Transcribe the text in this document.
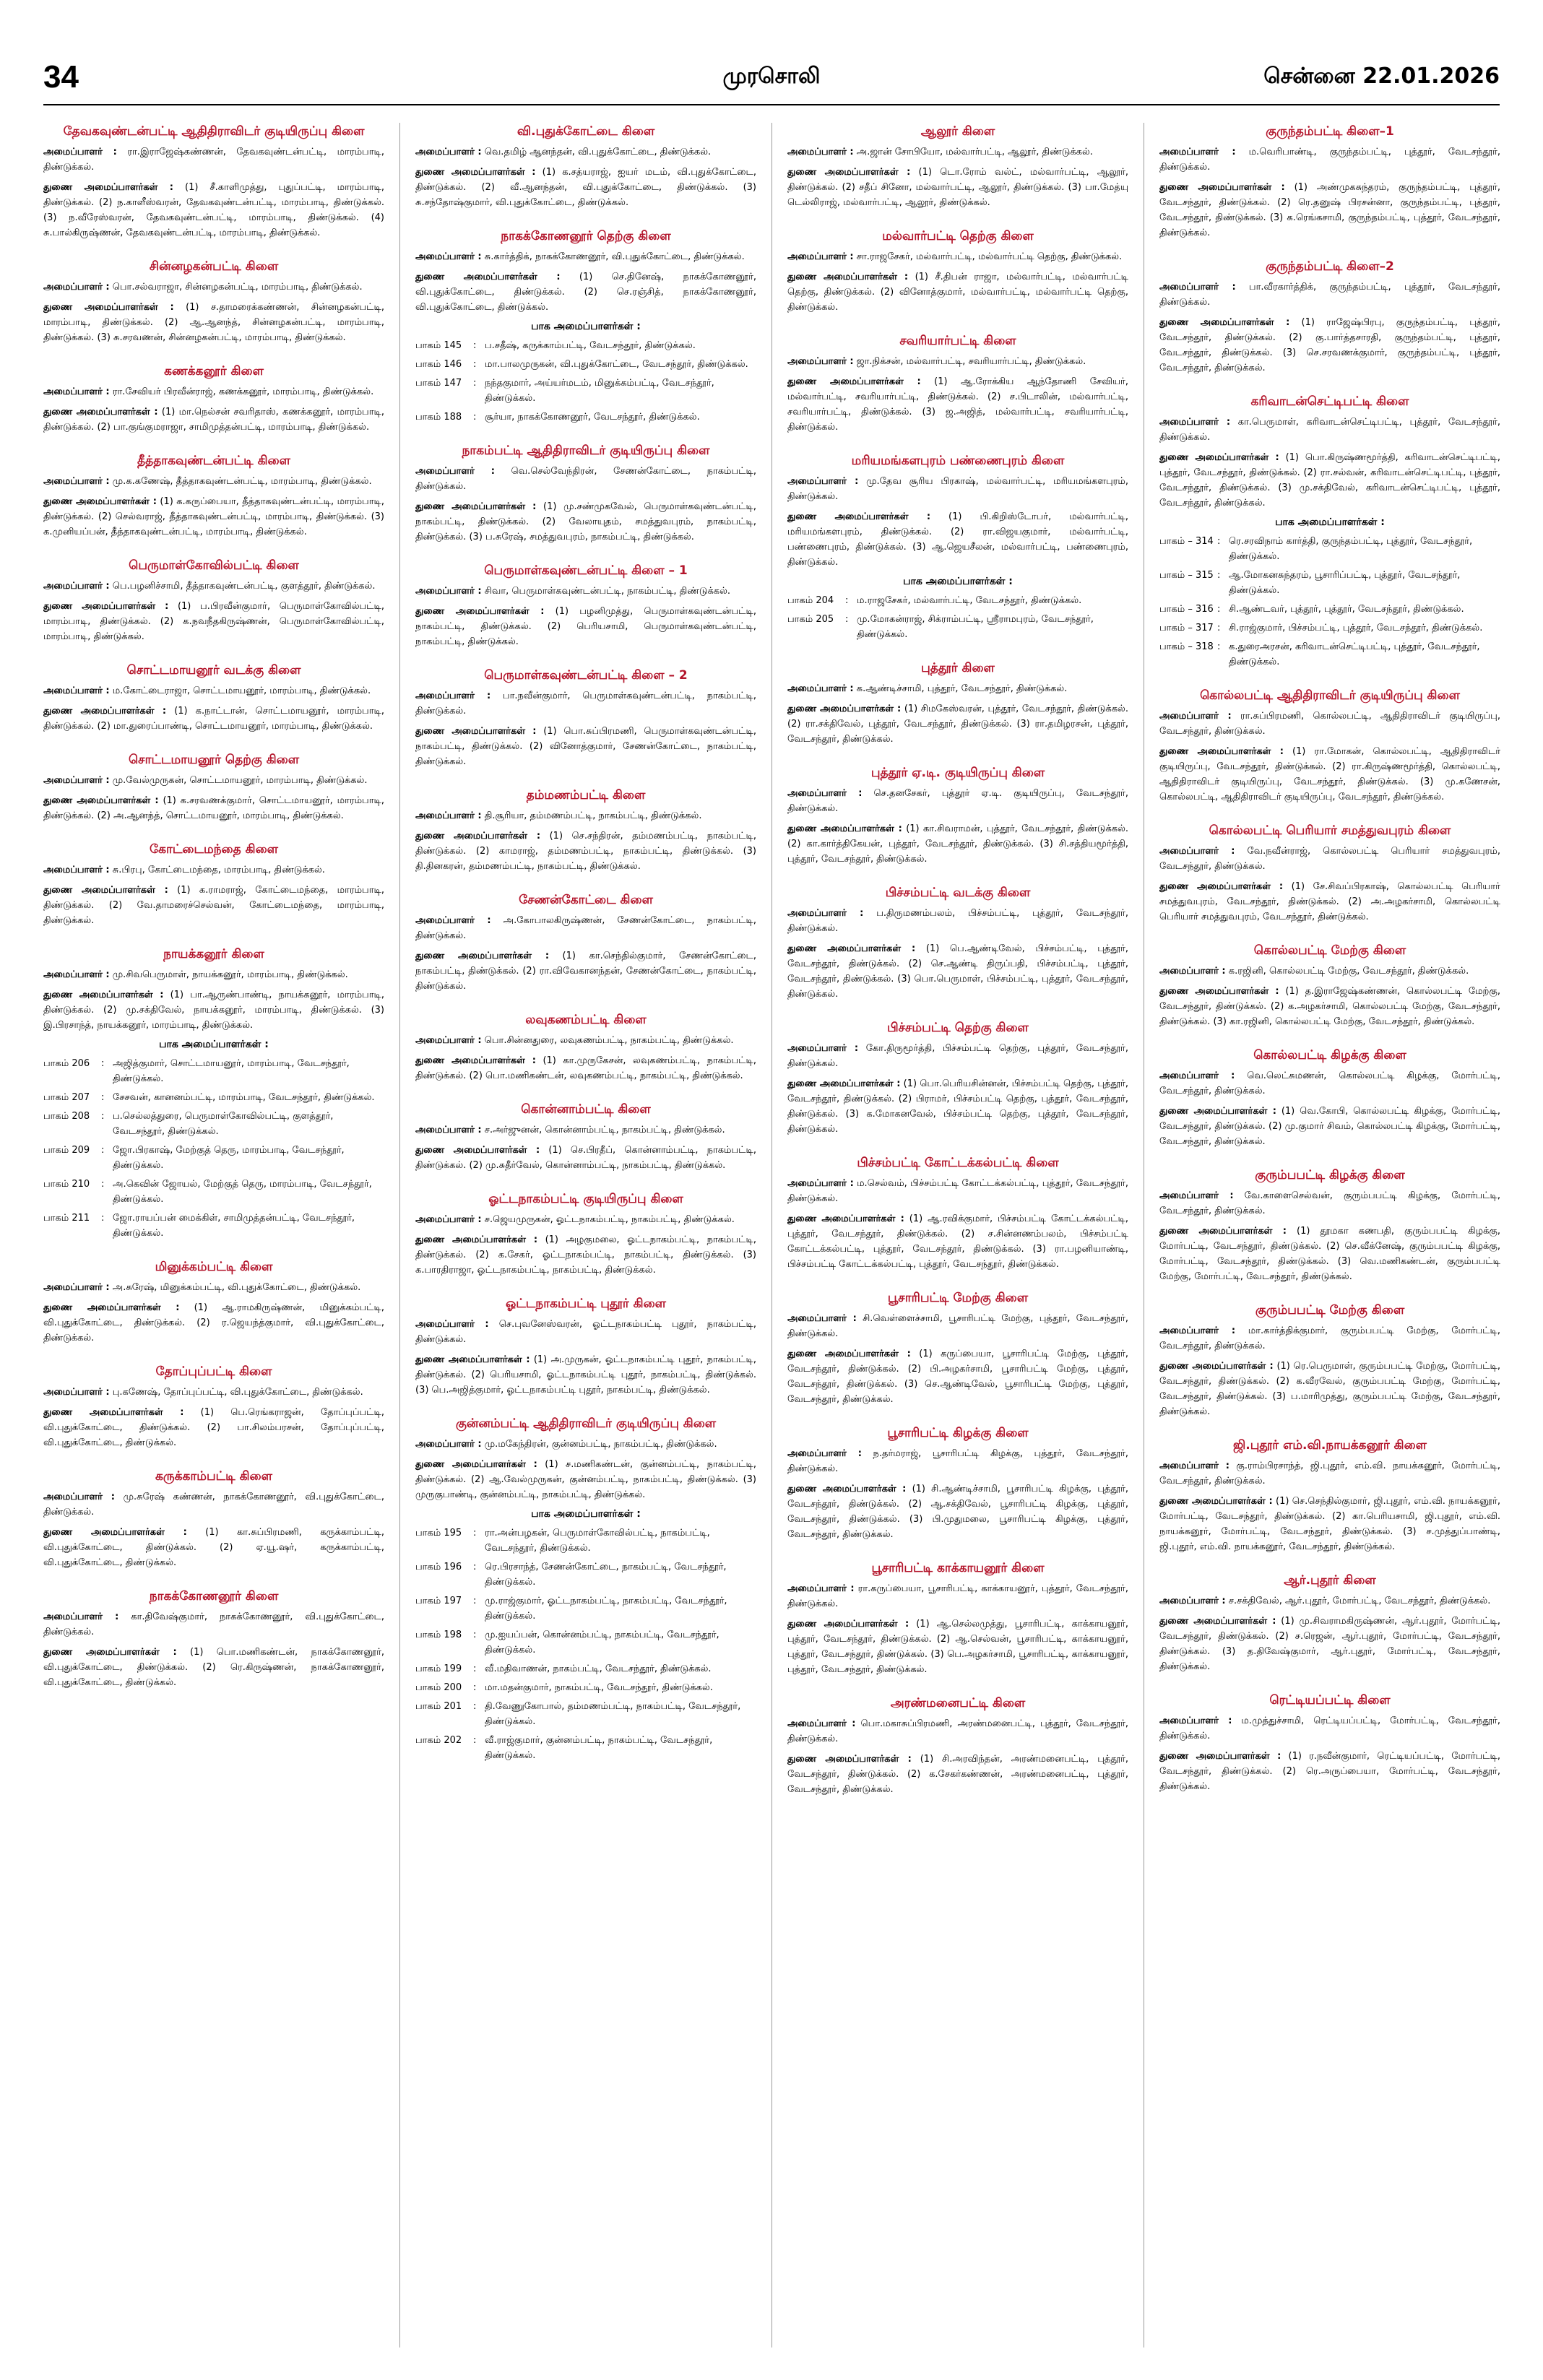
34	முரசொலி	சென்னை 22.01.2026
தேவகவுண்டன்பட்டி ஆதிதிராவிடர் குடியிருப்பு கிளை
அமைப்பாளர் : ரா.இராஜேஷ்கண்ணன், தேவகவுண்டன்பட்டி, மாரம்பாடி, திண்டுக்கல்.
துணை அமைப்பாளர்கள் : (1) சீ.காளிமுத்து, புதுப்பட்டி, மாரம்பாடி, திண்டுக்கல். (2) ந.காளீஸ்வரன், தேவகவுண்டன்பட்டி, மாரம்பாடி, திண்டுக்கல். (3) ந.வீரேஸ்வரன், தேவகவுண்டன்பட்டி, மாரம்பாடி, திண்டுக்கல். (4) சு.பால்கிருஷ்ணன், தேவகவுண்டன்பட்டி, மாரம்பாடி, திண்டுக்கல்.
சின்னழகன்பட்டி கிளை
அமைப்பாளர் : பொ.சல்வராஜா, சின்னழகன்பட்டி, மாரம்பாடி, திண்டுக்கல்.
துணை அமைப்பாளர்கள் : (1) ச.தாமரைக்கண்ணன், சின்னழகன்பட்டி, மாரம்பாடி, திண்டுக்கல். (2) ஆ.ஆனந்த், சின்னழகன்பட்டி, மாரம்பாடி, திண்டுக்கல். (3) சு.சரவணன், சின்னழகன்பட்டி, மாரம்பாடி, திண்டுக்கல்.
கணக்கனூர் கிளை
அமைப்பாளர் : ரா.சேவியர் பிரவீன்ராஜ், கணக்கனூர், மாரம்பாடி, திண்டுக்கல்.
துணை அமைப்பாளர்கள் : (1) மா.நெல்சன் சவரிதாஸ், கணக்கனூர், மாரம்பாடி, திண்டுக்கல். (2) பா.குங்குமராஜா, சாமிமுத்தன்பட்டி, மாரம்பாடி, திண்டுக்கல்.
தீத்தாகவுண்டன்பட்டி கிளை
அமைப்பாளர் : மு.க.கணேஷ், தீத்தாகவுண்டன்பட்டி, மாரம்பாடி, திண்டுக்கல்.
துணை அமைப்பாளர்கள் : (1) க.கருப்பையா, தீத்தாகவுண்டன்பட்டி, மாரம்பாடி, திண்டுக்கல். (2) செல்வராஜ், தீத்தாகவுண்டன்பட்டி, மாரம்பாடி, திண்டுக்கல். (3) க.முனியப்பன், தீத்தாகவுண்டன்பட்டி, மாரம்பாடி, திண்டுக்கல்.
பெருமாள்கோவில்பட்டி கிளை
அமைப்பாளர் : பெ.பழனிச்சாமி, தீத்தாகவுண்டன்பட்டி, குளத்தூர், திண்டுக்கல்.
துணை அமைப்பாளர்கள் : (1) ப.பிரவீன்குமார், பெருமாள்கோவில்பட்டி, மாரம்பாடி, திண்டுக்கல். (2) க.நவநீதகிருஷ்ணன், பெருமாள்கோவில்பட்டி, மாரம்பாடி, திண்டுக்கல்.
சொட்டமாயனூர் வடக்கு கிளை
அமைப்பாளர் : ம.கோட்டைராஜா, சொட்டமாயனூர், மாரம்பாடி, திண்டுக்கல்.
துணை அமைப்பாளர்கள் : (1) க.நாட்டான், சொட்டமாயனூர், மாரம்பாடி, திண்டுக்கல். (2) மா.துரைப்பாண்டி, சொட்டமாயனூர், மாரம்பாடி, திண்டுக்கல்.
சொட்டமாயனூர் தெற்கு கிளை
அமைப்பாளர் : மு.வேல்முருகன், சொட்டமாயனூர், மாரம்பாடி, திண்டுக்கல்.
துணை அமைப்பாளர்கள் : (1) க.சரவணக்குமார், சொட்டமாயனூர், மாரம்பாடி, திண்டுக்கல். (2) அ.ஆனந்த், சொட்டமாயனூர், மாரம்பாடி, திண்டுக்கல்.
கோட்டைமந்தை கிளை
அமைப்பாளர் : சு.பிரபு, கோட்டைமந்தை, மாரம்பாடி, திண்டுக்கல்.
துணை அமைப்பாளர்கள் : (1) க.ராமராஜ், கோட்டைமந்தை, மாரம்பாடி, திண்டுக்கல். (2) வே.தாமரைச்செல்வன், கோட்டைமந்தை, மாரம்பாடி, திண்டுக்கல்.
நாயக்கனூர் கிளை
அமைப்பாளர் : மு.சிவபெருமாள், நாயக்கனூர், மாரம்பாடி, திண்டுக்கல்.
துணை அமைப்பாளர்கள் : (1) பா.ஆருண்பாண்டி, நாயக்கனூர், மாரம்பாடி, திண்டுக்கல். (2) மு.சக்திவேல், நாயக்கனூர், மாரம்பாடி, திண்டுக்கல். (3) இ.பிரசாந்த், நாயக்கனூர், மாரம்பாடி, திண்டுக்கல்.
பாக அமைப்பாளர்கள் :
பாகம் 206	: அஜித்குமார், சொட்டமாயனூர், மாரம்பாடி, வேடசந்தூர், திண்டுக்கல்.
பாகம் 207	: சேசவன், கானனம்பட்டி, மாரம்பாடி, வேடசந்தூர், திண்டுக்கல்.
பாகம் 208	: ப.செல்லத்துரை, பெருமாள்கோவில்பட்டி, குளத்தூர், வேடசந்தூர், திண்டுக்கல்.
பாகம் 209	: ஜோ.பிரகாஷ், மேற்குத் தெரு, மாரம்பாடி, வேடசந்தூர், திண்டுக்கல்.
பாகம் 210	: அ.கெவின் ஜோயல், மேற்குத் தெரு, மாரம்பாடி, வேடசந்தூர், திண்டுக்கல்.
பாகம் 211	: ஜோ.ராயப்பன் மைக்கிள், சாமிமுத்தன்பட்டி, வேடசந்தூர், திண்டுக்கல்.
மினுக்கம்பட்டி கிளை
அமைப்பாளர் : அ.சுரேஷ், மினுக்கம்பட்டி, வி.புதுக்கோட்டை, திண்டுக்கல்.
துணை அமைப்பாளர்கள் : (1) ஆ.ராமகிருஷ்ணன், மினுக்கம்பட்டி, வி.புதுக்கோட்டை, திண்டுக்கல். (2) ர.ஜெயந்த்குமார், வி.புதுக்கோட்டை, திண்டுக்கல்.
தோப்புப்பட்டி கிளை
அமைப்பாளர் : பு.கணேஷ், தோப்புப்பட்டி, வி.புதுக்கோட்டை, திண்டுக்கல்.
துணை அமைப்பாளர்கள் : (1) பெ.ரெங்கராஜன், தோப்புப்பட்டி, வி.புதுக்கோட்டை, திண்டுக்கல். (2) பா.சிலம்பரசன், தோப்புப்பட்டி, வி.புதுக்கோட்டை, திண்டுக்கல்.
கருக்காம்பட்டி கிளை
அமைப்பாளர் : மு.சுரேஷ் கண்ணன், நாகக்கோணனூர், வி.புதுக்கோட்டை, திண்டுக்கல்.
துணை அமைப்பாளர்கள் : (1) கா.சுப்பிரமணி, கருக்காம்பட்டி, வி.புதுக்கோட்டை, திண்டுக்கல். (2) ஏ.யூ.ஷர், கருக்காம்பட்டி, வி.புதுக்கோட்டை, திண்டுக்கல்.
நாகக்கோணனூர் கிளை
அமைப்பாளர் : கா.திவேஷ்குமார், நாகக்கோணனூர், வி.புதுக்கோட்டை, திண்டுக்கல்.
துணை அமைப்பாளர்கள் : (1) பொ.மணிகண்டன், நாகக்கோணனூர், வி.புதுக்கோட்டை, திண்டுக்கல். (2) ரெ.கிருஷ்ணன், நாகக்கோணனூர், வி.புதுக்கோட்டை, திண்டுக்கல்.
வி.புதுக்கோட்டை கிளை
அமைப்பாளர் : வெ.தமிழ் ஆனந்தன், வி.புதுக்கோட்டை, திண்டுக்கல்.
துணை அமைப்பாளர்கள் : (1) க.சத்யராஜ், ஐயர் மடம், வி.புதுக்கோட்டை, திண்டுக்கல். (2) வீ.ஆனந்தன், வி.புதுக்கோட்டை, திண்டுக்கல். (3) சு.சந்தோஷ்குமார், வி.புதுக்கோட்டை, திண்டுக்கல்.
நாகக்கோணனூர் தெற்கு கிளை
அமைப்பாளர் : சு.கார்த்திக், நாகக்கோணனூர், வி.புதுக்கோட்டை, திண்டுக்கல்.
துணை அமைப்பாளர்கள் : (1) செ.தினேஷ், நாகக்கோணனூர், வி.புதுக்கோட்டை, திண்டுக்கல். (2) செ.ரஞ்சித், நாகக்கோணனூர், வி.புதுக்கோட்டை, திண்டுக்கல்.
பாக அமைப்பாளர்கள் :
பாகம் 145	: ப.சதீஷ், கருக்காம்பட்டி, வேடசந்தூர், திண்டுக்கல்.
பாகம் 146	: மா.பாலமுருகன், வி.புதுக்கோட்டை, வேடசந்தூர், திண்டுக்கல்.
பாகம் 147	: நந்தகுமார், அய்யர்மடம், மினுக்கம்பட்டி, வேடசந்தூர், திண்டுக்கல்.
பாகம் 188	: சூர்யா, நாகக்கோணனூர், வேடசந்தூர், திண்டுக்கல்.
நாகம்பட்டி ஆதிதிராவிடர் குடியிருப்பு கிளை
அமைப்பாளர் : வெ.செல்வேந்திரன், சேணன்கோட்டை, நாகம்பட்டி, திண்டுக்கல்.
துணை அமைப்பாளர்கள் : (1) மு.சண்முகவேல், பெருமாள்கவுண்டன்பட்டி, நாகம்பட்டி, திண்டுக்கல். (2) வேலாயுதம், சமத்துவபுரம், நாகம்பட்டி, திண்டுக்கல். (3) ப.சுரேஷ், சமத்துவபுரம், நாகம்பட்டி, திண்டுக்கல்.
பெருமாள்கவுண்டன்பட்டி கிளை – 1
அமைப்பாளர் : சிவா, பெருமாள்கவுண்டன்பட்டி, நாகம்பட்டி, திண்டுக்கல்.
துணை அமைப்பாளர்கள் : (1) பழனிமுத்து, பெருமாள்கவுண்டன்பட்டி, நாகம்பட்டி, திண்டுக்கல். (2) பெரியசாமி, பெருமாள்கவுண்டன்பட்டி, நாகம்பட்டி, திண்டுக்கல்.
பெருமாள்கவுண்டன்பட்டி கிளை – 2
அமைப்பாளர் : பா.நவீன்குமார், பெருமாள்கவுண்டன்பட்டி, நாகம்பட்டி, திண்டுக்கல்.
துணை அமைப்பாளர்கள் : (1) பொ.சுப்பிரமணி, பெருமாள்கவுண்டன்பட்டி, நாகம்பட்டி, திண்டுக்கல். (2) வினோத்குமார், சேணன்கோட்டை, நாகம்பட்டி, திண்டுக்கல்.
தம்மணம்பட்டி கிளை
அமைப்பாளர் : தி.சூரியா, தம்மணம்பட்டி, நாகம்பட்டி, திண்டுக்கல்.
துணை அமைப்பாளர்கள் : (1) செ.சந்திரன், தம்மணம்பட்டி, நாகம்பட்டி, திண்டுக்கல். (2) காமராஜ், தம்மணம்பட்டி, நாகம்பட்டி, திண்டுக்கல். (3) தி.தினகரன், தம்மணம்பட்டி, நாகம்பட்டி, திண்டுக்கல்.
சேணன்கோட்டை கிளை
அமைப்பாளர் : அ.கோபாலகிருஷ்ணன், சேணன்கோட்டை, நாகம்பட்டி, திண்டுக்கல்.
துணை அமைப்பாளர்கள் : (1) கா.செந்தில்குமார், சேணன்கோட்டை, நாகம்பட்டி, திண்டுக்கல். (2) ரா.விவேகானந்தன், சேணன்கோட்டை, நாகம்பட்டி, திண்டுக்கல்.
லவுகணம்பட்டி கிளை
அமைப்பாளர் : பொ.சின்னதுரை, லவுகணம்பட்டி, நாகம்பட்டி, திண்டுக்கல்.
துணை அமைப்பாளர்கள் : (1) கா.முருகேசன், லவுகணம்பட்டி, நாகம்பட்டி, திண்டுக்கல். (2) பொ.மணிகண்டன், லவுகணம்பட்டி, நாகம்பட்டி, திண்டுக்கல்.
கொன்னாம்பட்டி கிளை
அமைப்பாளர் : ச.அர்ஜுனன், கொன்னாம்பட்டி, நாகம்பட்டி, திண்டுக்கல்.
துணை அமைப்பாளர்கள் : (1) செ.பிரதீப், கொன்னாம்பட்டி, நாகம்பட்டி, திண்டுக்கல். (2) மு.சுதீர்வேல், கொன்னாம்பட்டி, நாகம்பட்டி, திண்டுக்கல்.
ஓட்டநாகம்பட்டி குடியிருப்பு கிளை
அமைப்பாளர் : ச.ஜெயமுருகன், ஓட்டநாகம்பட்டி, நாகம்பட்டி, திண்டுக்கல்.
துணை அமைப்பாளர்கள் : (1) அழகுமலை, ஓட்டநாகம்பட்டி, நாகம்பட்டி, திண்டுக்கல். (2) க.சேகர், ஓட்டநாகம்பட்டி, நாகம்பட்டி, திண்டுக்கல். (3) க.பாரதிராஜா, ஓட்டநாகம்பட்டி, நாகம்பட்டி, திண்டுக்கல்.
ஓட்டநாகம்பட்டி புதூர் கிளை
அமைப்பாளர் : செ.புவனேஸ்வரன், ஓட்டநாகம்பட்டி புதூர், நாகம்பட்டி, திண்டுக்கல்.
துணை அமைப்பாளர்கள் : (1) அ.முருகன், ஓட்டநாகம்பட்டி புதூர், நாகம்பட்டி, திண்டுக்கல். (2) பெரியசாமி, ஓட்டநாகம்பட்டி புதூர், நாகம்பட்டி, திண்டுக்கல். (3) பெ.அஜித்குமார், ஓட்டநாகம்பட்டி புதூர், நாகம்பட்டி, திண்டுக்கல்.
குன்னம்பட்டி ஆதிதிராவிடர் குடியிருப்பு கிளை
அமைப்பாளர் : மு.மகேந்திரன், குன்னம்பட்டி, நாகம்பட்டி, திண்டுக்கல்.
துணை அமைப்பாளர்கள் : (1) ச.மணிகண்டன், குன்னம்பட்டி, நாகம்பட்டி, திண்டுக்கல். (2) ஆ.வேல்முருகன், குன்னம்பட்டி, நாகம்பட்டி, திண்டுக்கல். (3) முருகுபாண்டி, குன்னம்பட்டி, நாகம்பட்டி, திண்டுக்கல்.
பாக அமைப்பாளர்கள் :
பாகம் 195	: ரா.அன்பழகன், பெருமாள்கோவில்பட்டி, நாகம்பட்டி, வேடசந்தூர், திண்டுக்கல்.
பாகம் 196	: ரெ.பிரசாந்த், சேணன்கோட்டை, நாகம்பட்டி, வேடசந்தூர், திண்டுக்கல்.
பாகம் 197	: மு.ராஜ்குமார், ஓட்டநாகம்பட்டி, நாகம்பட்டி, வேடசந்தூர், திண்டுக்கல்.
பாகம் 198	: மு.ஐயப்பன், கொன்னம்பட்டி, நாகம்பட்டி, வேடசந்தூர், திண்டுக்கல்.
பாகம் 199	: வீ.மதிவாணன், நாகம்பட்டி, வேடசந்தூர், திண்டுக்கல்.
பாகம் 200	: மா.மதன்குமார், நாகம்பட்டி, வேடசந்தூர், திண்டுக்கல்.
பாகம் 201	: தி.வேணுகோபால், தம்மணம்பட்டி, நாகம்பட்டி, வேடசந்தூர், திண்டுக்கல்.
பாகம் 202	: வீ.ராஜ்குமார், குன்னம்பட்டி, நாகம்பட்டி, வேடசந்தூர், திண்டுக்கல்.
ஆலூர் கிளை
அமைப்பாளர் : அ.ஜான் சோபியோ, மல்வார்பட்டி, ஆலூர், திண்டுக்கல்.
துணை அமைப்பாளர்கள் : (1) டொ.ரோம் வல்ட், மல்வார்பட்டி, ஆலூர், திண்டுக்கல். (2) சதீப் சினோ, மல்வார்பட்டி, ஆலூர், திண்டுக்கல். (3) பா.மேத்யு டெல்லிராஜ், மல்வார்பட்டி, ஆலூர், திண்டுக்கல்.
மல்வார்பட்டி தெற்கு கிளை
அமைப்பாளர் : சா.ராஜசேகர், மல்வார்பட்டி, மல்வார்பட்டி தெற்கு, திண்டுக்கல்.
துணை அமைப்பாளர்கள் : (1) சீ.திபன் ராஜா, மல்வார்பட்டி, மல்வார்பட்டி தெற்கு, திண்டுக்கல். (2) வினோத்குமார், மல்வார்பட்டி, மல்வார்பட்டி தெற்கு, திண்டுக்கல்.
சவரியார்பட்டி கிளை
அமைப்பாளர் : ஜா.நிக்சன், மல்வார்பட்டி, சவரியார்பட்டி, திண்டுக்கல்.
துணை அமைப்பாளர்கள் : (1) ஆ.ரோக்கிய ஆந்தோணி சேவியர், மல்வார்பட்டி, சவரியார்பட்டி, திண்டுக்கல். (2) ச.பிடாலின், மல்வார்பட்டி, சவரியார்பட்டி, திண்டுக்கல். (3) ஜ.அஜித், மல்வார்பட்டி, சவரியார்பட்டி, திண்டுக்கல்.
மரியமங்களபுரம் பண்ணைபுரம் கிளை
அமைப்பாளர் : மு.தேவ சூரிய பிரகாஷ், மல்வார்பட்டி, மரியமங்களபுரம், திண்டுக்கல்.
துணை அமைப்பாளர்கள் : (1) பி.கிறிஸ்டோபர், மல்வார்பட்டி, மரியமங்களபுரம், திண்டுக்கல். (2) ரா.விஜயகுமார், மல்வார்பட்டி, பண்ணைபுரம், திண்டுக்கல். (3) ஆ.ஜெயசீலன், மல்வார்பட்டி, பண்ணைபுரம், திண்டுக்கல்.
பாக அமைப்பாளர்கள் :
பாகம் 204	: ம.ராஜசேகர், மல்வார்பட்டி, வேடசந்தூர், திண்டுக்கல்.
பாகம் 205	: மு.மோகன்ராஜ், சிக்ராம்பட்டி, ஸ்ரீராமபுரம், வேடசந்தூர், திண்டுக்கல்.
புத்தூர் கிளை
அமைப்பாளர் : க.ஆண்டிச்சாமி, புத்தூர், வேடசந்தூர், திண்டுக்கல்.
துணை அமைப்பாளர்கள் : (1) சிமகேஸ்வரன், புத்தூர், வேடசந்தூர், திண்டுக்கல். (2) ரா.சக்திவேல், புத்தூர், வேடசந்தூர், திண்டுக்கல். (3) ரா.தமிழரசன், புத்தூர், வேடசந்தூர், திண்டுக்கல்.
புத்தூர் ஏ.டி. குடியிருப்பு கிளை
அமைப்பாளர் : செ.தனசேகர், புத்தூர் ஏ.டி. குடியிருப்பு, வேடசந்தூர், திண்டுக்கல்.
துணை அமைப்பாளர்கள் : (1) கா.சிவராமன், புத்தூர், வேடசந்தூர், திண்டுக்கல். (2) கா.கார்த்திகேயன், புத்தூர், வேடசந்தூர், திண்டுக்கல். (3) சி.சத்தியமூர்த்தி, புத்தூர், வேடசந்தூர், திண்டுக்கல்.
பிச்சம்பட்டி வடக்கு கிளை
அமைப்பாளர் : ப.திருமணம்பலம், பிச்சம்பட்டி, புத்தூர், வேடசந்தூர், திண்டுக்கல்.
துணை அமைப்பாளர்கள் : (1) பெ.ஆண்டிவேல், பிச்சம்பட்டி, புத்தூர், வேடசந்தூர், திண்டுக்கல். (2) செ.ஆண்டி திருப்பதி, பிச்சம்பட்டி, புத்தூர், வேடசந்தூர், திண்டுக்கல். (3) பொ.பெருமாள், பிச்சம்பட்டி, புத்தூர், வேடசந்தூர், திண்டுக்கல்.
பிச்சம்பட்டி தெற்கு கிளை
அமைப்பாளர் : கோ.திருமூர்த்தி, பிச்சம்பட்டி தெற்கு, புத்தூர், வேடசந்தூர், திண்டுக்கல்.
துணை அமைப்பாளர்கள் : (1) பொ.பெரியசின்னன், பிச்சம்பட்டி தெற்கு, புத்தூர், வேடசந்தூர், திண்டுக்கல். (2) பிராமர், பிச்சம்பட்டி தெற்கு, புத்தூர், வேடசந்தூர், திண்டுக்கல். (3) க.மோகனவேல், பிச்சம்பட்டி தெற்கு, புத்தூர், வேடசந்தூர், திண்டுக்கல்.
பிச்சம்பட்டி கோட்டக்கல்பட்டி கிளை
அமைப்பாளர் : ம.செல்வம், பிச்சம்பட்டி கோட்டக்கல்பட்டி, புத்தூர், வேடசந்தூர், திண்டுக்கல்.
துணை அமைப்பாளர்கள் : (1) ஆ.ரவிக்குமார், பிச்சம்பட்டி கோட்டக்கல்பட்டி, புத்தூர், வேடசந்தூர், திண்டுக்கல். (2) ச.சின்னணம்பலம், பிச்சம்பட்டி கோட்டக்கல்பட்டி, புத்தூர், வேடசந்தூர், திண்டுக்கல். (3) ரா.பழனியாண்டி, பிச்சம்பட்டி கோட்டக்கல்பட்டி, புத்தூர், வேடசந்தூர், திண்டுக்கல்.
பூசாரிபட்டி மேற்கு கிளை
அமைப்பாளர் : சி.வெள்ளைச்சாமி, பூசாரிபட்டி மேற்கு, புத்தூர், வேடசந்தூர், திண்டுக்கல்.
துணை அமைப்பாளர்கள் : (1) கருப்பையா, பூசாரிபட்டி மேற்கு, புத்தூர், வேடசந்தூர், திண்டுக்கல். (2) பி.அழகர்சாமி, பூசாரிபட்டி மேற்கு, புத்தூர், வேடசந்தூர், திண்டுக்கல். (3) செ.ஆண்டிவேல், பூசாரிபட்டி மேற்கு, புத்தூர், வேடசந்தூர், திண்டுக்கல்.
பூசாரிபட்டி கிழக்கு கிளை
அமைப்பாளர் : ந.தர்மராஜ், பூசாரிபட்டி கிழக்கு, புத்தூர், வேடசந்தூர், திண்டுக்கல்.
துணை அமைப்பாளர்கள் : (1) சி.ஆண்டிச்சாமி, பூசாரிபட்டி கிழக்கு, புத்தூர், வேடசந்தூர், திண்டுக்கல். (2) ஆ.சக்திவேல், பூசாரிபட்டி கிழக்கு, புத்தூர், வேடசந்தூர், திண்டுக்கல். (3) பி.முதுமலை, பூசாரிபட்டி கிழக்கு, புத்தூர், வேடசந்தூர், திண்டுக்கல்.
பூசாரிபட்டி காக்காயனூர் கிளை
அமைப்பாளர் : ரா.கருப்பையா, பூசாரிபட்டி, காக்காயனூர், புத்தூர், வேடசந்தூர், திண்டுக்கல்.
துணை அமைப்பாளர்கள் : (1) ஆ.செல்லமுத்து, பூசாரிபட்டி, காக்காயனூர், புத்தூர், வேடசந்தூர், திண்டுக்கல். (2) ஆ.செல்வன், பூசாரிபட்டி, காக்காயனூர், புத்தூர், வேடசந்தூர், திண்டுக்கல். (3) பெ.அழகர்சாமி, பூசாரிபட்டி, காக்காயனூர், புத்தூர், வேடசந்தூர், திண்டுக்கல்.
அரண்மனைபட்டி கிளை
அமைப்பாளர் : பொ.மகாசுப்பிரமணி, அரண்மனைபட்டி, புத்தூர், வேடசந்தூர், திண்டுக்கல்.
துணை அமைப்பாளர்கள் : (1) சி.அரவிந்தன், அரண்மனைபட்டி, புத்தூர், வேடசந்தூர், திண்டுக்கல். (2) க.சேகர்கண்ணன், அரண்மனைபட்டி, புத்தூர், வேடசந்தூர், திண்டுக்கல்.
குருந்தம்பட்டி கிளை–1
அமைப்பாளர் : ம.வெரிபாண்டி, குருந்தம்பட்டி, புத்தூர், வேடசந்தூர், திண்டுக்கல்.
துணை அமைப்பாளர்கள் : (1) அண்முகசுந்தரம், குருந்தம்பட்டி, புத்தூர், வேடசந்தூர், திண்டுக்கல். (2) ரெ.தனுஷ் பிரசன்னா, குருந்தம்பட்டி, புத்தூர், வேடசந்தூர், திண்டுக்கல். (3) க.ரெங்கசாமி, குருந்தம்பட்டி, புத்தூர், வேடசந்தூர், திண்டுக்கல்.
குருந்தம்பட்டி கிளை–2
அமைப்பாளர் : பா.வீரகார்த்திக், குருந்தம்பட்டி, புத்தூர், வேடசந்தூர், திண்டுக்கல்.
துணை அமைப்பாளர்கள் : (1) ராஜேஷ்பிரபு, குருந்தம்பட்டி, புத்தூர், வேடசந்தூர், திண்டுக்கல். (2) கு.பார்த்தசாரதி, குருந்தம்பட்டி, புத்தூர், வேடசந்தூர், திண்டுக்கல். (3) செ.சரவணக்குமார், குருந்தம்பட்டி, புத்தூர், வேடசந்தூர், திண்டுக்கல்.
கரிவாடன்செட்டிபட்டி கிளை
அமைப்பாளர் : கா.பெருமாள், கரிவாடன்செட்டிபட்டி, புத்தூர், வேடசந்தூர், திண்டுக்கல்.
துணை அமைப்பாளர்கள் : (1) பொ.கிருஷ்ணமூர்த்தி, கரிவாடன்செட்டிபட்டி, புத்தூர், வேடசந்தூர், திண்டுக்கல். (2) ரா.சல்வன், கரிவாடன்செட்டிபட்டி, புத்தூர், வேடசந்தூர், திண்டுக்கல். (3) மு.சக்திவேல், கரிவாடன்செட்டிபட்டி, புத்தூர், வேடசந்தூர், திண்டுக்கல்.
பாக அமைப்பாளர்கள் :
பாகம் – 314 : ரெ.சரவிநாம் கார்த்தி, குருந்தம்பட்டி, புத்தூர், வேடசந்தூர், திண்டுக்கல்.
பாகம் – 315 : ஆ.மோகனசுந்தரம், பூசாரிப்பட்டி, புத்தூர், வேடசந்தூர், திண்டுக்கல்.
பாகம் – 316 : சி.ஆண்டவர், புத்தூர், புத்தூர், வேடசந்தூர், திண்டுக்கல்.
பாகம் – 317 : சி.ராஜ்குமார், பிச்சம்பட்டி, புத்தூர், வேடசந்தூர், திண்டுக்கல்.
பாகம் – 318 : க.துரைஅரசன், கரிவாடன்செட்டிபட்டி, புத்தூர், வேடசந்தூர், திண்டுக்கல்.
கொல்லபட்டி ஆதிதிராவிடர் குடியிருப்பு கிளை
அமைப்பாளர் : ரா.சுப்பிரமணி, கொல்லபட்டி, ஆதிதிராவிடர் குடியிருப்பு, வேடசந்தூர், திண்டுக்கல்.
துணை அமைப்பாளர்கள் : (1) ரா.மோகன், கொல்லபட்டி, ஆதிதிராவிடர் குடியிருப்பு, வேடசந்தூர், திண்டுக்கல். (2) ரா.கிருஷ்ணமூர்த்தி, கொல்லபட்டி, ஆதிதிராவிடர் குடியிருப்பு, வேடசந்தூர், திண்டுக்கல். (3) மு.கணேசன், கொல்லபட்டி, ஆதிதிராவிடர் குடியிருப்பு, வேடசந்தூர், திண்டுக்கல்.
கொல்லபட்டி பெரியார் சமத்துவபுரம் கிளை
அமைப்பாளர் : வே.நவீன்ராஜ், கொல்லபட்டி பெரியார் சமத்துவபுரம், வேடசந்தூர், திண்டுக்கல்.
துணை அமைப்பாளர்கள் : (1) சே.சிவப்பிரகாஷ், கொல்லபட்டி பெரியார் சமத்துவபுரம், வேடசந்தூர், திண்டுக்கல். (2) அ.அழகர்சாமி, கொல்லபட்டி பெரியார் சமத்துவபுரம், வேடசந்தூர், திண்டுக்கல்.
கொல்லபட்டி மேற்கு கிளை
அமைப்பாளர் : க.ரஜினி, கொல்லபட்டி மேற்கு, வேடசந்தூர், திண்டுக்கல்.
துணை அமைப்பாளர்கள் : (1) த.இராஜேஷ்கண்ணன், கொல்லபட்டி மேற்கு, வேடசந்தூர், திண்டுக்கல். (2) க.அழகர்சாமி, கொல்லபட்டி மேற்கு, வேடசந்தூர், திண்டுக்கல். (3) கா.ரஜினி, கொல்லபட்டி மேற்கு, வேடசந்தூர், திண்டுக்கல்.
கொல்லபட்டி கிழக்கு கிளை
அமைப்பாளர் : வெ.லெட்சுமணன், கொல்லபட்டி கிழக்கு, மோர்பட்டி, வேடசந்தூர், திண்டுக்கல்.
துணை அமைப்பாளர்கள் : (1) வெ.கோபி, கொல்லபட்டி கிழக்கு, மோர்பட்டி, வேடசந்தூர், திண்டுக்கல். (2) மு.குமார் சிவம், கொல்லபட்டி கிழக்கு, மோர்பட்டி, வேடசந்தூர், திண்டுக்கல்.
குரும்பபட்டி கிழக்கு கிளை
அமைப்பாளர் : வே.காளைசெல்வன், குரும்பபட்டி கிழக்கு, மோர்பட்டி, வேடசந்தூர், திண்டுக்கல்.
துணை அமைப்பாளர்கள் : (1) தூமகா கணபதி, குரும்பபட்டி கிழக்கு, மோர்பட்டி, வேடசந்தூர், திண்டுக்கல். (2) செ.வீக்னேஷ், குரும்பபட்டி கிழக்கு, மோர்பட்டி, வேடசந்தூர், திண்டுக்கல். (3) வெ.மணிகண்டன், குரும்பபட்டி மேற்கு, மோர்பட்டி, வேடசந்தூர், திண்டுக்கல்.
குரும்பபட்டி மேற்கு கிளை
அமைப்பாளர் : மா.கார்த்திக்குமார், குரும்பபட்டி மேற்கு, மோர்பட்டி, வேடசந்தூர், திண்டுக்கல்.
துணை அமைப்பாளர்கள் : (1) ரெ.பெருமாள், குரும்பபட்டி மேற்கு, மோர்பட்டி, வேடசந்தூர், திண்டுக்கல். (2) க.வீரவேல், குரும்பபட்டி மேற்கு, மோர்பட்டி, வேடசந்தூர், திண்டுக்கல். (3) ப.மாரிமுத்து, குரும்பபட்டி மேற்கு, வேடசந்தூர், திண்டுக்கல்.
ஜி.புதூர் எம்.வி.நாயக்கனூர் கிளை
அமைப்பாளர் : கு.ராம்பிரசாந்த், ஜி.புதூர், எம்.வி. நாயக்கனூர், மோர்பட்டி, வேடசந்தூர், திண்டுக்கல்.
துணை அமைப்பாளர்கள் : (1) செ.செந்தில்குமார், ஜி.புதூர், எம்.வி. நாயக்கனூர், மோர்பட்டி, வேடசந்தூர், திண்டுக்கல். (2) கா.பெரியசாமி, ஜி.புதூர், எம்.வி. நாயக்கனூர், மோர்பட்டி, வேடசந்தூர், திண்டுக்கல். (3) ச.முத்துப்பாண்டி, ஜி.புதூர், எம்.வி. நாயக்கனூர், வேடசந்தூர், திண்டுக்கல்.
ஆர்.புதூர் கிளை
அமைப்பாளர் : ச.சக்திவேல், ஆர்.புதூர், மோர்பட்டி, வேடசந்தூர், திண்டுக்கல்.
துணை அமைப்பாளர்கள் : (1) மு.சிவராமகிருஷ்ணன், ஆர்.புதூர், மோர்பட்டி, வேடசந்தூர், திண்டுக்கல். (2) ச.ரெஜன், ஆர்.புதூர், மோர்பட்டி, வேடசந்தூர், திண்டுக்கல். (3) த.திவேஷ்குமார், ஆர்.புதூர், மோர்பட்டி, வேடசந்தூர், திண்டுக்கல்.
ரெட்டியப்பட்டி கிளை
அமைப்பாளர் : ம.முத்துச்சாமி, ரெட்டியப்பட்டி, மோர்பட்டி, வேடசந்தூர், திண்டுக்கல்.
துணை அமைப்பாளர்கள் : (1) ர.நவீன்குமார், ரெட்டியப்பட்டி, மோர்பட்டி, வேடசந்தூர், திண்டுக்கல். (2) ரெ.அருப்பையா, மோர்பட்டி, வேடசந்தூர், திண்டுக்கல்.
